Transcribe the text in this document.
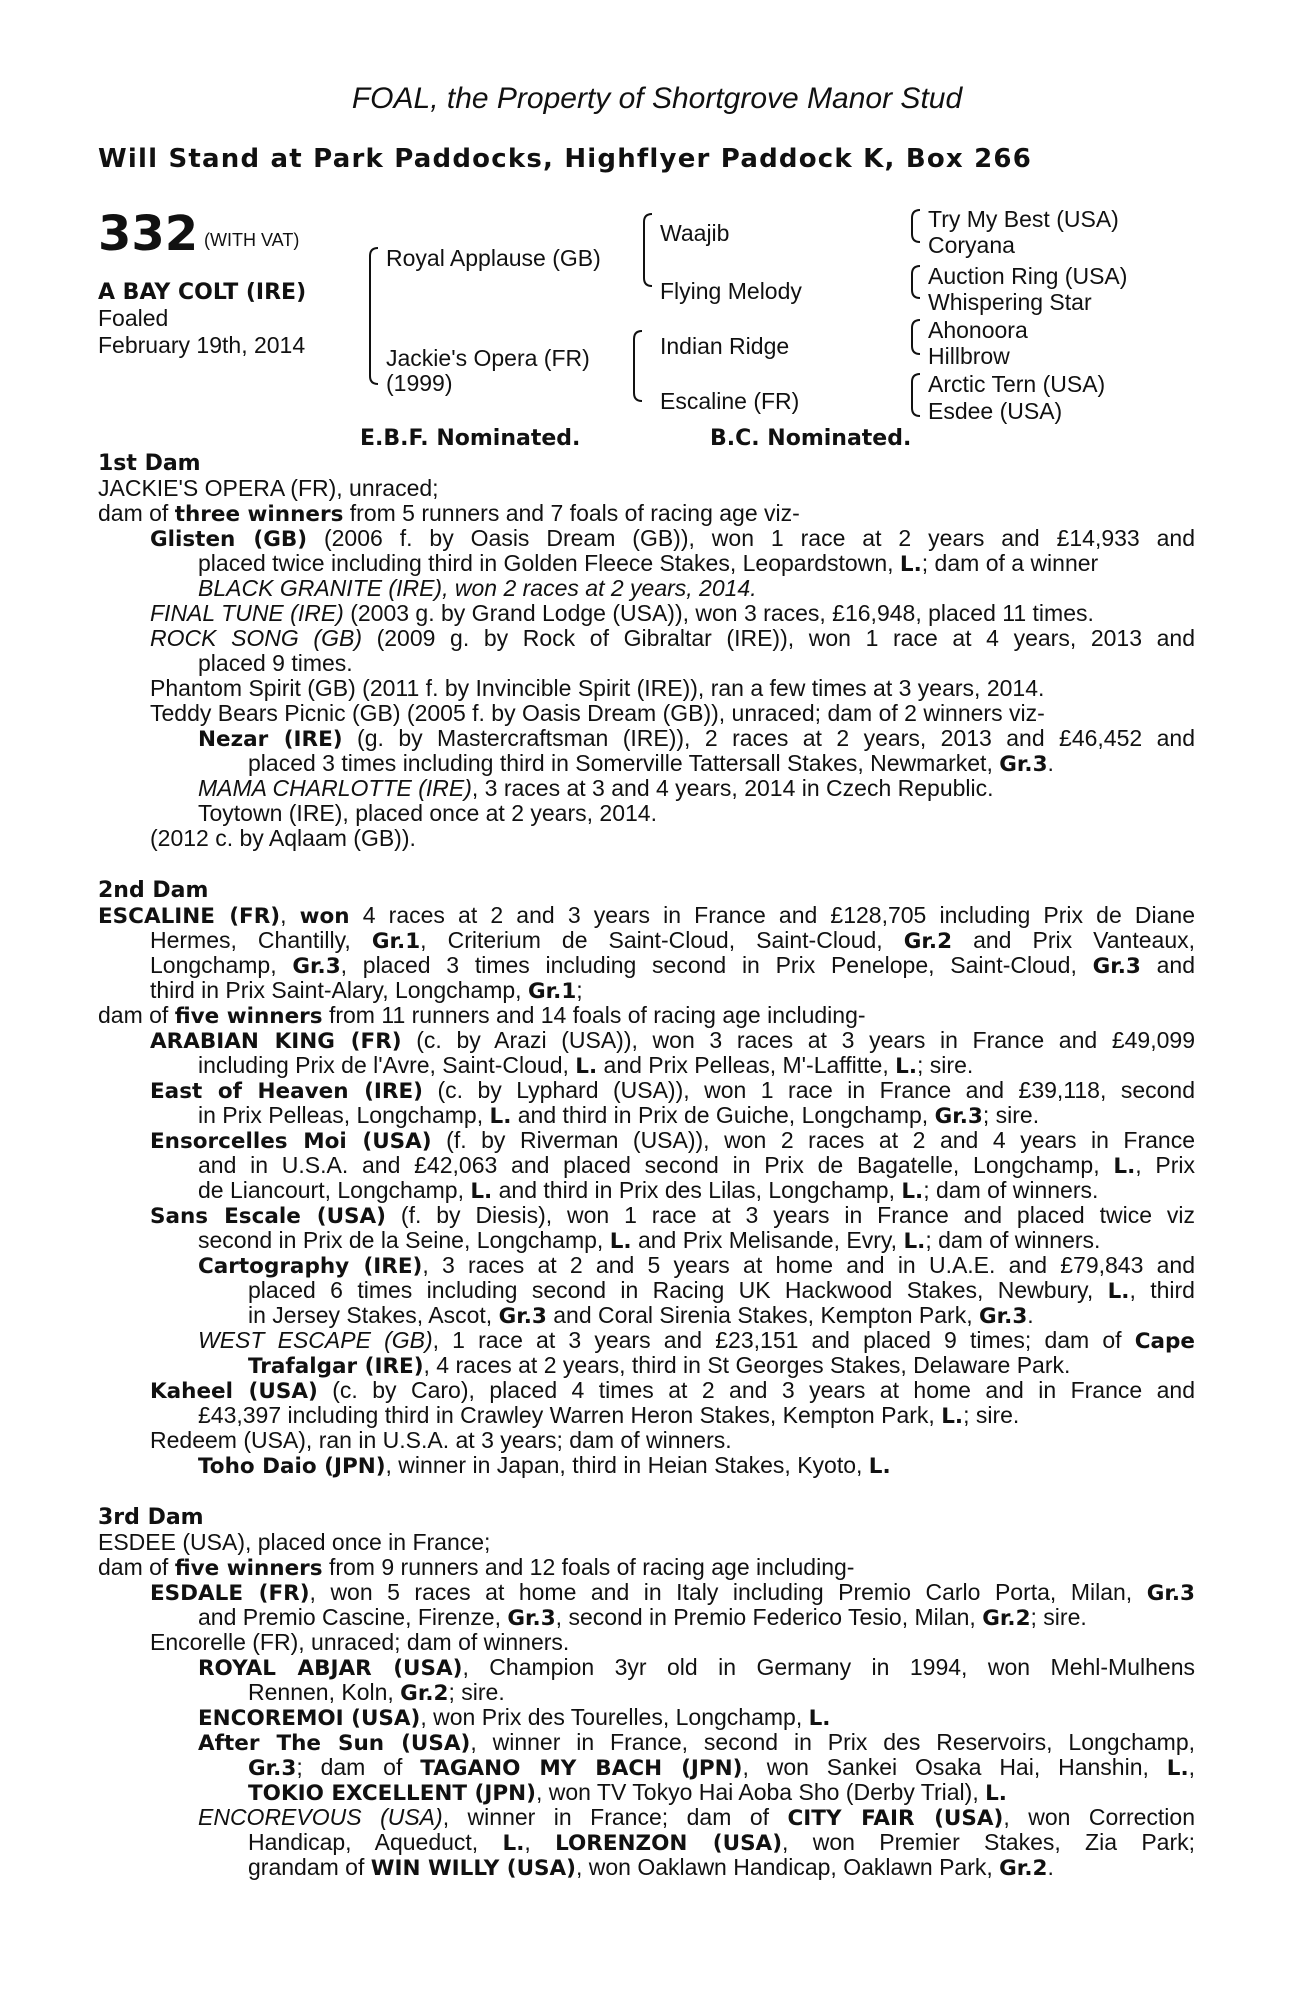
FOAL, the Property of Shortgrove Manor Stud
Will Stand at Park Paddocks, Highflyer Paddock K, Box 266
332 (WITH VAT)
A BAY COLT (IRE)
Foaled
February 19th, 2014
Royal Applause (GB)
Jackie's Opera (FR)
(1999)
Waajib
Flying Melody
Indian Ridge
Escaline (FR)
Try My Best (USA)
Coryana
Auction Ring (USA)
Whispering Star
Ahonoora
Hillbrow
Arctic Tern (USA)
Esdee (USA)
E.B.F. Nominated.	B.C. Nominated.
1st Dam
JACKIE'S OPERA (FR), unraced;
dam of three winners from 5 runners and 7 foals of racing age viz-
Glisten (GB) (2006 f. by Oasis Dream (GB)), won 1 race at 2 years and £14,933 and
placed twice including third in Golden Fleece Stakes, Leopardstown, L.; dam of a winner
BLACK GRANITE (IRE), won 2 races at 2 years, 2014.
FINAL TUNE (IRE) (2003 g. by Grand Lodge (USA)), won 3 races, £16,948, placed 11 times.
ROCK SONG (GB) (2009 g. by Rock of Gibraltar (IRE)), won 1 race at 4 years, 2013 and
placed 9 times.
Phantom Spirit (GB) (2011 f. by Invincible Spirit (IRE)), ran a few times at 3 years, 2014.
Teddy Bears Picnic (GB) (2005 f. by Oasis Dream (GB)), unraced; dam of 2 winners viz-
Nezar (IRE) (g. by Mastercraftsman (IRE)), 2 races at 2 years, 2013 and £46,452 and
placed 3 times including third in Somerville Tattersall Stakes, Newmarket, Gr.3.
MAMA CHARLOTTE (IRE), 3 races at 3 and 4 years, 2014 in Czech Republic.
Toytown (IRE), placed once at 2 years, 2014.
(2012 c. by Aqlaam (GB)).
2nd Dam
ESCALINE (FR), won 4 races at 2 and 3 years in France and £128,705 including Prix de Diane
Hermes, Chantilly, Gr.1, Criterium de Saint-Cloud, Saint-Cloud, Gr.2 and Prix Vanteaux,
Longchamp, Gr.3, placed 3 times including second in Prix Penelope, Saint-Cloud, Gr.3 and
third in Prix Saint-Alary, Longchamp, Gr.1;
dam of five winners from 11 runners and 14 foals of racing age including-
ARABIAN KING (FR) (c. by Arazi (USA)), won 3 races at 3 years in France and £49,099
including Prix de l'Avre, Saint-Cloud, L. and Prix Pelleas, M'-Laffitte, L.; sire.
East of Heaven (IRE) (c. by Lyphard (USA)), won 1 race in France and £39,118, second
in Prix Pelleas, Longchamp, L. and third in Prix de Guiche, Longchamp, Gr.3; sire.
Ensorcelles Moi (USA) (f. by Riverman (USA)), won 2 races at 2 and 4 years in France
and in U.S.A. and £42,063 and placed second in Prix de Bagatelle, Longchamp, L., Prix
de Liancourt, Longchamp, L. and third in Prix des Lilas, Longchamp, L.; dam of winners.
Sans Escale (USA) (f. by Diesis), won 1 race at 3 years in France and placed twice viz
second in Prix de la Seine, Longchamp, L. and Prix Melisande, Evry, L.; dam of winners.
Cartography (IRE), 3 races at 2 and 5 years at home and in U.A.E. and £79,843 and
placed 6 times including second in Racing UK Hackwood Stakes, Newbury, L., third
in Jersey Stakes, Ascot, Gr.3 and Coral Sirenia Stakes, Kempton Park, Gr.3.
WEST ESCAPE (GB), 1 race at 3 years and £23,151 and placed 9 times; dam of Cape
Trafalgar (IRE), 4 races at 2 years, third in St Georges Stakes, Delaware Park.
Kaheel (USA) (c. by Caro), placed 4 times at 2 and 3 years at home and in France and
£43,397 including third in Crawley Warren Heron Stakes, Kempton Park, L.; sire.
Redeem (USA), ran in U.S.A. at 3 years; dam of winners.
Toho Daio (JPN), winner in Japan, third in Heian Stakes, Kyoto, L.
3rd Dam
ESDEE (USA), placed once in France;
dam of five winners from 9 runners and 12 foals of racing age including-
ESDALE (FR), won 5 races at home and in Italy including Premio Carlo Porta, Milan, Gr.3
and Premio Cascine, Firenze, Gr.3, second in Premio Federico Tesio, Milan, Gr.2; sire.
Encorelle (FR), unraced; dam of winners.
ROYAL ABJAR (USA), Champion 3yr old in Germany in 1994, won Mehl-Mulhens
Rennen, Koln, Gr.2; sire.
ENCOREMOI (USA), won Prix des Tourelles, Longchamp, L.
After The Sun (USA), winner in France, second in Prix des Reservoirs, Longchamp,
Gr.3; dam of TAGANO MY BACH (JPN), won Sankei Osaka Hai, Hanshin, L.,
TOKIO EXCELLENT (JPN), won TV Tokyo Hai Aoba Sho (Derby Trial), L.
ENCOREVOUS (USA), winner in France; dam of CITY FAIR (USA), won Correction
Handicap, Aqueduct, L., LORENZON (USA), won Premier Stakes, Zia Park;
grandam of WIN WILLY (USA), won Oaklawn Handicap, Oaklawn Park, Gr.2.
